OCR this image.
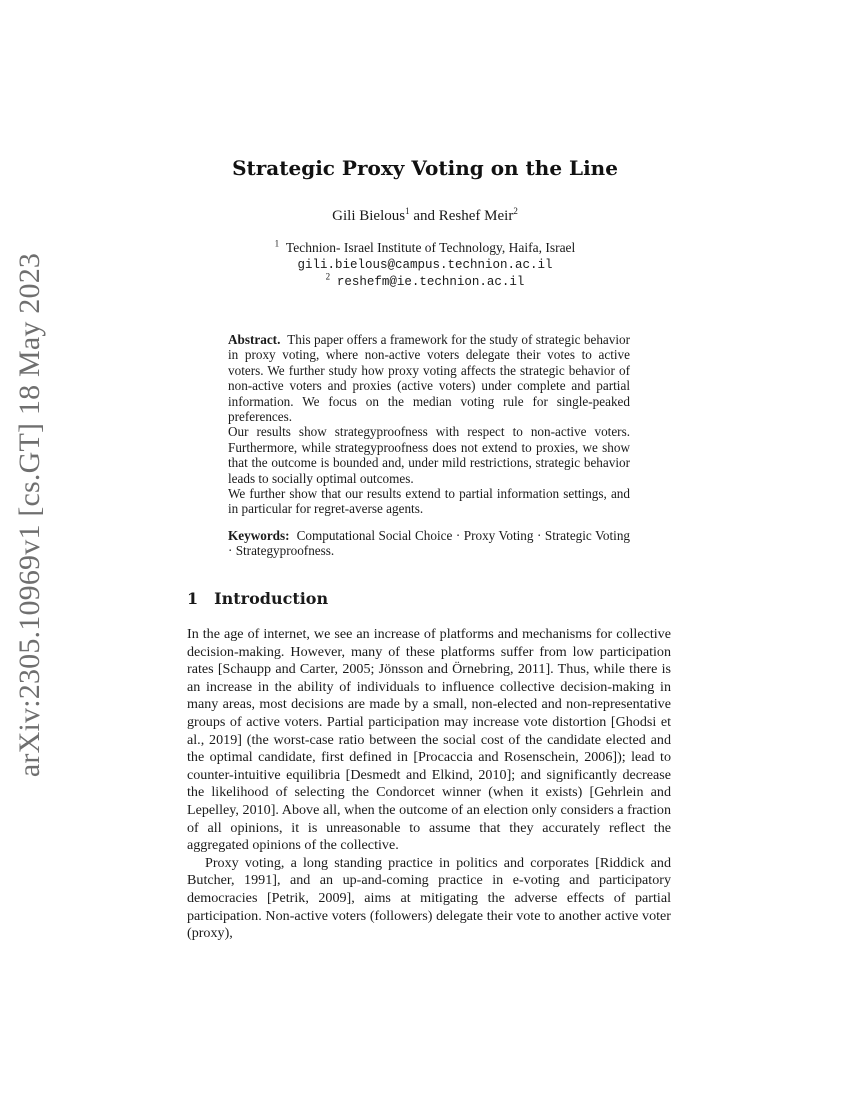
arXiv:2305.10969v1 [cs.GT] 18 May 2023
Strategic Proxy Voting on the Line
Gili Bielous$^1$ and Reshef Meir$^2$
$^1$ Technion- Israel Institute of Technology, Haifa, Israel
gili.bielous@campus.technion.ac.il
$^2$ reshefm@ie.technion.ac.il

Abstract. This paper offers a framework for the study of strategic behavior in proxy voting, where non-active voters delegate their votes to active voters. We further study how proxy voting affects the strategic behavior of non-active voters and proxies (active voters) under complete and partial information. We focus on the median voting rule for single-peaked preferences.

Our results show strategyproofness with respect to non-active voters. Furthermore, while strategyproofness does not extend to proxies, we show that the outcome is bounded and, under mild restrictions, strategic behavior leads to socially optimal outcomes.

We further show that our results extend to partial information settings, and in particular for regret-averse agents.

Keywords: Computational Social Choice · Proxy Voting · Strategic Voting · Strategyproofness.
1 Introduction

In the age of internet, we see an increase of platforms and mechanisms for collective decision-making. However, many of these platforms suffer from low participation rates [Schaupp and Carter, 2005; Jönsson and Örnebring, 2011]. Thus, while there is an increase in the ability of individuals to influence collective decision-making in many areas, most decisions are made by a small, non-elected and non-representative groups of active voters. Partial participation may increase vote distortion [Ghodsi et al., 2019] (the worst-case ratio between the social cost of the candidate elected and the optimal candidate, first defined in [Procaccia and Rosenschein, 2006]); lead to counter-intuitive equilibria [Desmedt and Elkind, 2010]; and significantly decrease the likelihood of selecting the Condorcet winner (when it exists) [Gehrlein and Lepelley, 2010]. Above all, when the outcome of an election only considers a fraction of all opinions, it is unreasonable to assume that they accurately reflect the aggregated opinions of the collective.

Proxy voting, a long standing practice in politics and corporates [Riddick and Butcher, 1991], and an up-and-coming practice in e-voting and participatory democracies [Petrik, 2009], aims at mitigating the adverse effects of partial participation. Non-active voters (followers) delegate their vote to another active voter (proxy),
